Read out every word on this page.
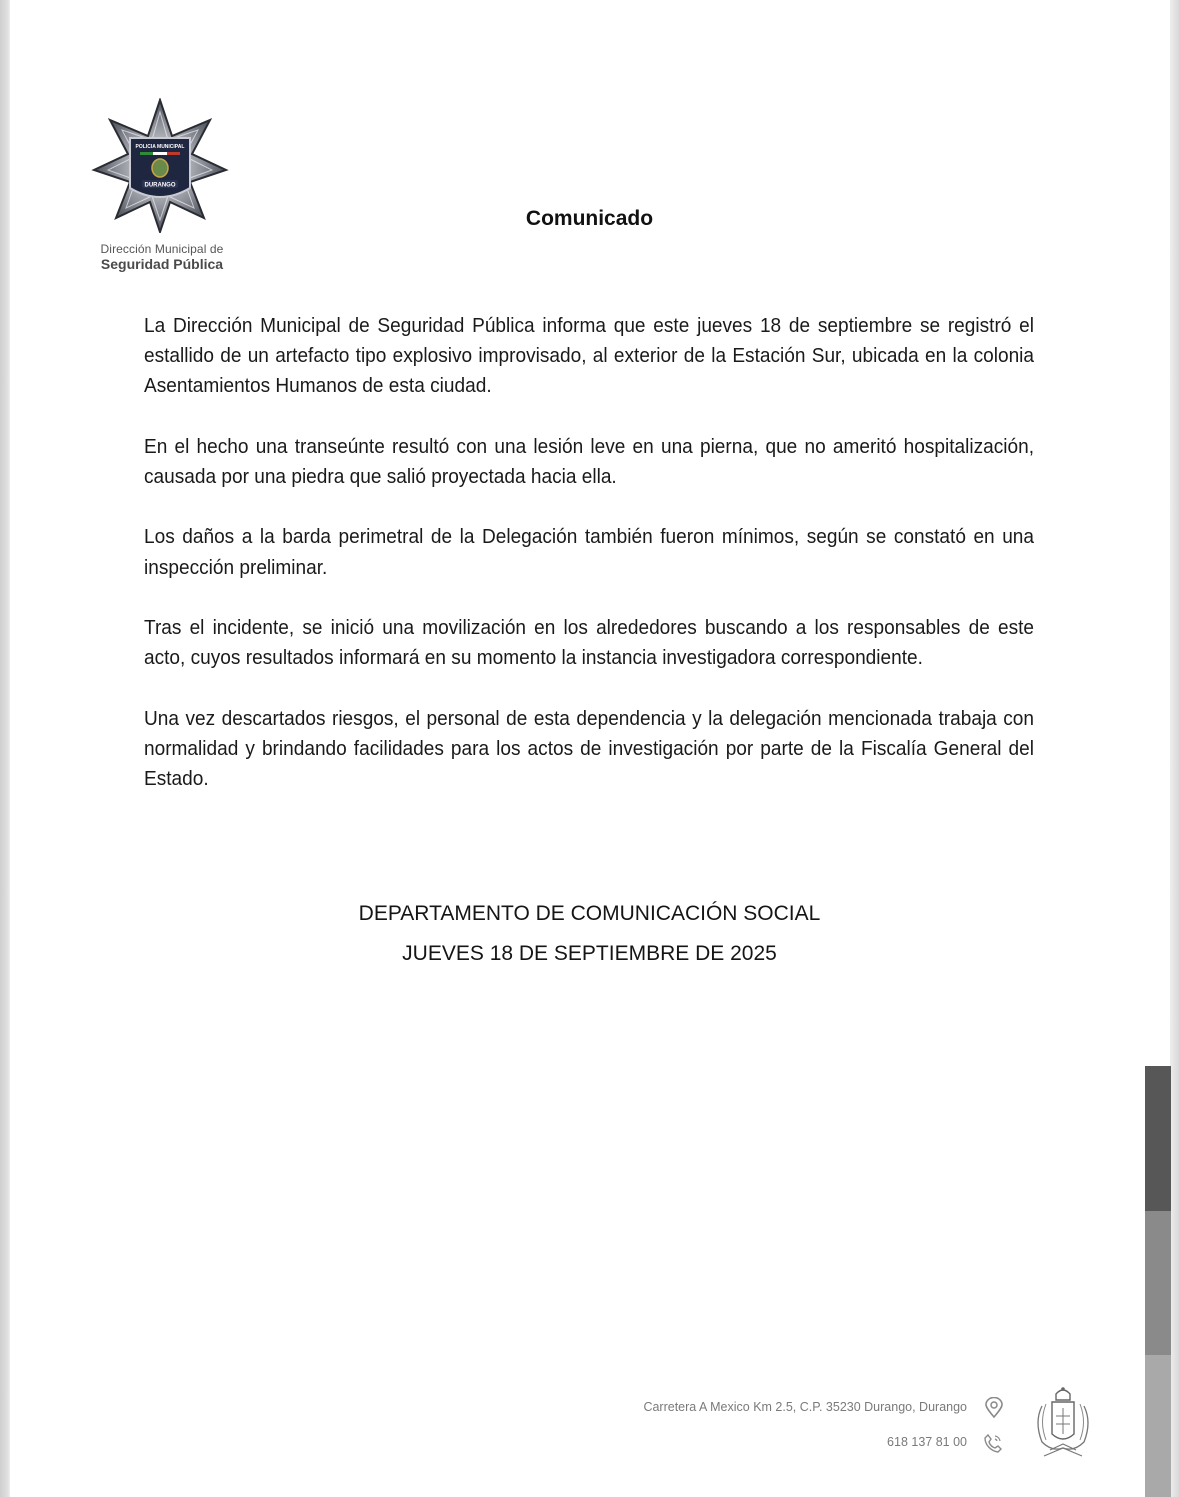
POLICIA MUNICIPAL
DURANGO
Dirección Municipal de
Seguridad Pública
Comunicado

La Dirección Municipal de Seguridad Pública informa que este jueves 18 de septiembre se registró el estallido de un artefacto tipo explosivo improvisado, al exterior de la Estación Sur, ubicada en la colonia Asentamientos Humanos de esta ciudad.

En el hecho una transeúnte resultó con una lesión leve en una pierna, que no ameritó hospitalización, causada por una piedra que salió proyectada hacia ella.

Los daños a la barda perimetral de la Delegación también fueron mínimos, según se constató en una inspección preliminar.

Tras el incidente, se inició una movilización en los alrededores buscando a los responsables de este acto, cuyos resultados informará en su momento la instancia investigadora correspondiente.

Una vez descartados riesgos, el personal de esta dependencia y la delegación mencionada trabaja con normalidad y brindando facilidades para los actos de investigación por parte de la Fiscalía General del Estado.

DEPARTAMENTO DE COMUNICACIÓN SOCIAL
JUEVES 18 DE SEPTIEMBRE DE 2025
Carretera A Mexico Km 2.5, C.P. 35230 Durango, Durango
618 137 81 00
